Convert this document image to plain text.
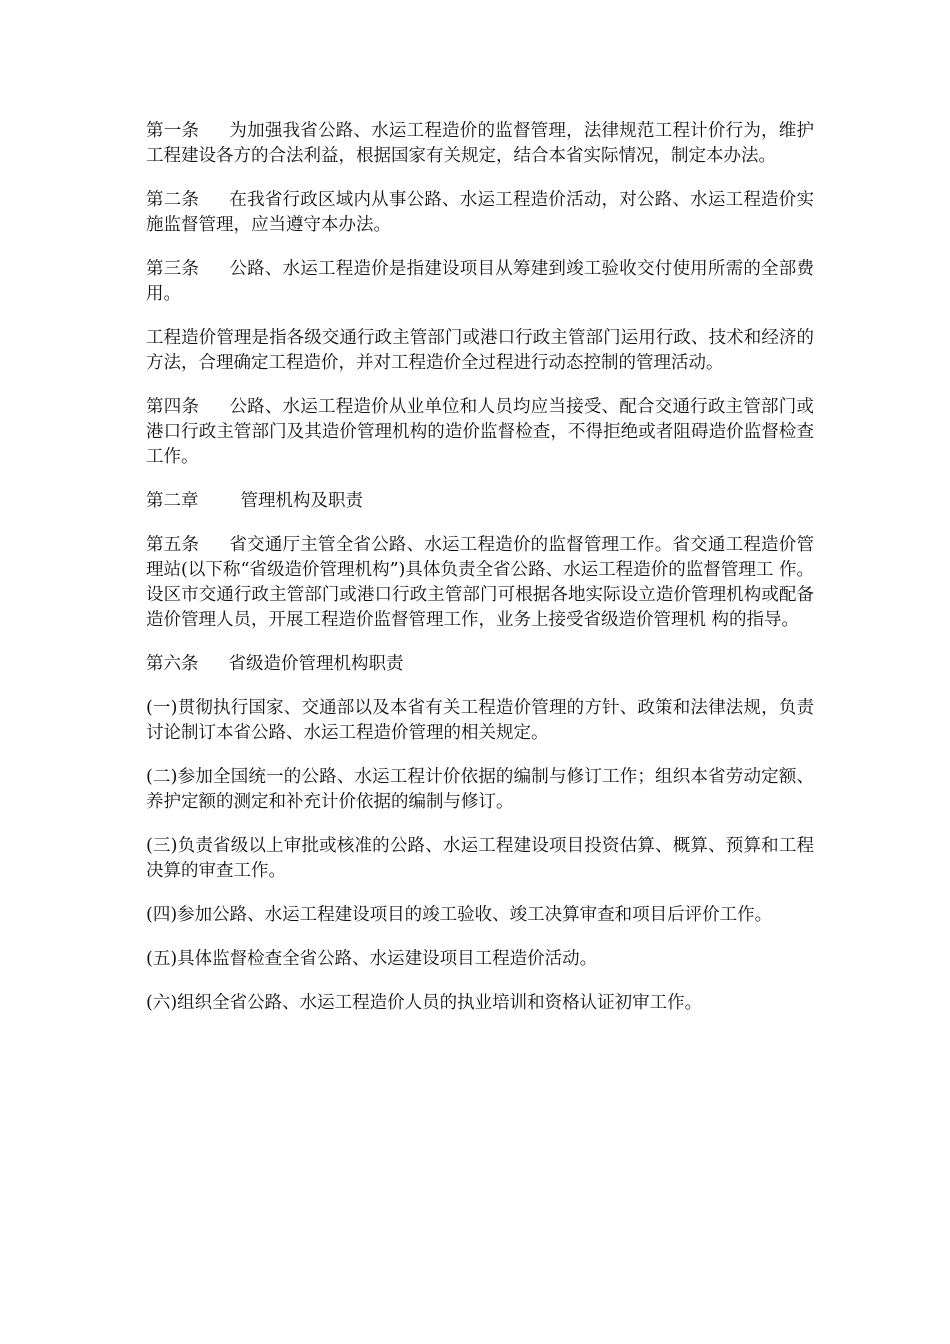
第一条 为加强我省公路、水运工程造价的监督管理，法律规范工程计价行为，维护工程建设各方的合法利益，根据国家有关规定，结合本省实际情况，制定本办法。

第二条 在我省行政区域内从事公路、水运工程造价活动，对公路、水运工程造价实施监督管理，应当遵守本办法。

第三条 公路、水运工程造价是指建设项目从筹建到竣工验收交付使用所需的全部费用。

工程造价管理是指各级交通行政主管部门或港口行政主管部门运用行政、技术和经济的方法，合理确定工程造价，并对工程造价全过程进行动态控制的管理活动。

第四条 公路、水运工程造价从业单位和人员均应当接受、配合交通行政主管部门或港口行政主管部门及其造价管理机构的造价监督检查，不得拒绝或者阻碍造价监督检查工作。

第二章 管理机构及职责

第五条 省交通厅主管全省公路、水运工程造价的监督管理工作。省交通工程造价管理站(以下称“省级造价管理机构”)具体负责全省公路、水运工程造价的监督管理工 作。设区市交通行政主管部门或港口行政主管部门可根据各地实际设立造价管理机构或配备造价管理人员，开展工程造价监督管理工作，业务上接受省级造价管理机 构的指导。

第六条 省级造价管理机构职责

(一)贯彻执行国家、交通部以及本省有关工程造价管理的方针、政策和法律法规，负责讨论制订本省公路、水运工程造价管理的相关规定。

(二)参加全国统一的公路、水运工程计价依据的编制与修订工作；组织本省劳动定额、养护定额的测定和补充计价依据的编制与修订。

(三)负责省级以上审批或核准的公路、水运工程建设项目投资估算、概算、预算和工程决算的审查工作。

(四)参加公路、水运工程建设项目的竣工验收、竣工决算审查和项目后评价工作。

(五)具体监督检查全省公路、水运建设项目工程造价活动。

(六)组织全省公路、水运工程造价人员的执业培训和资格认证初审工作。
